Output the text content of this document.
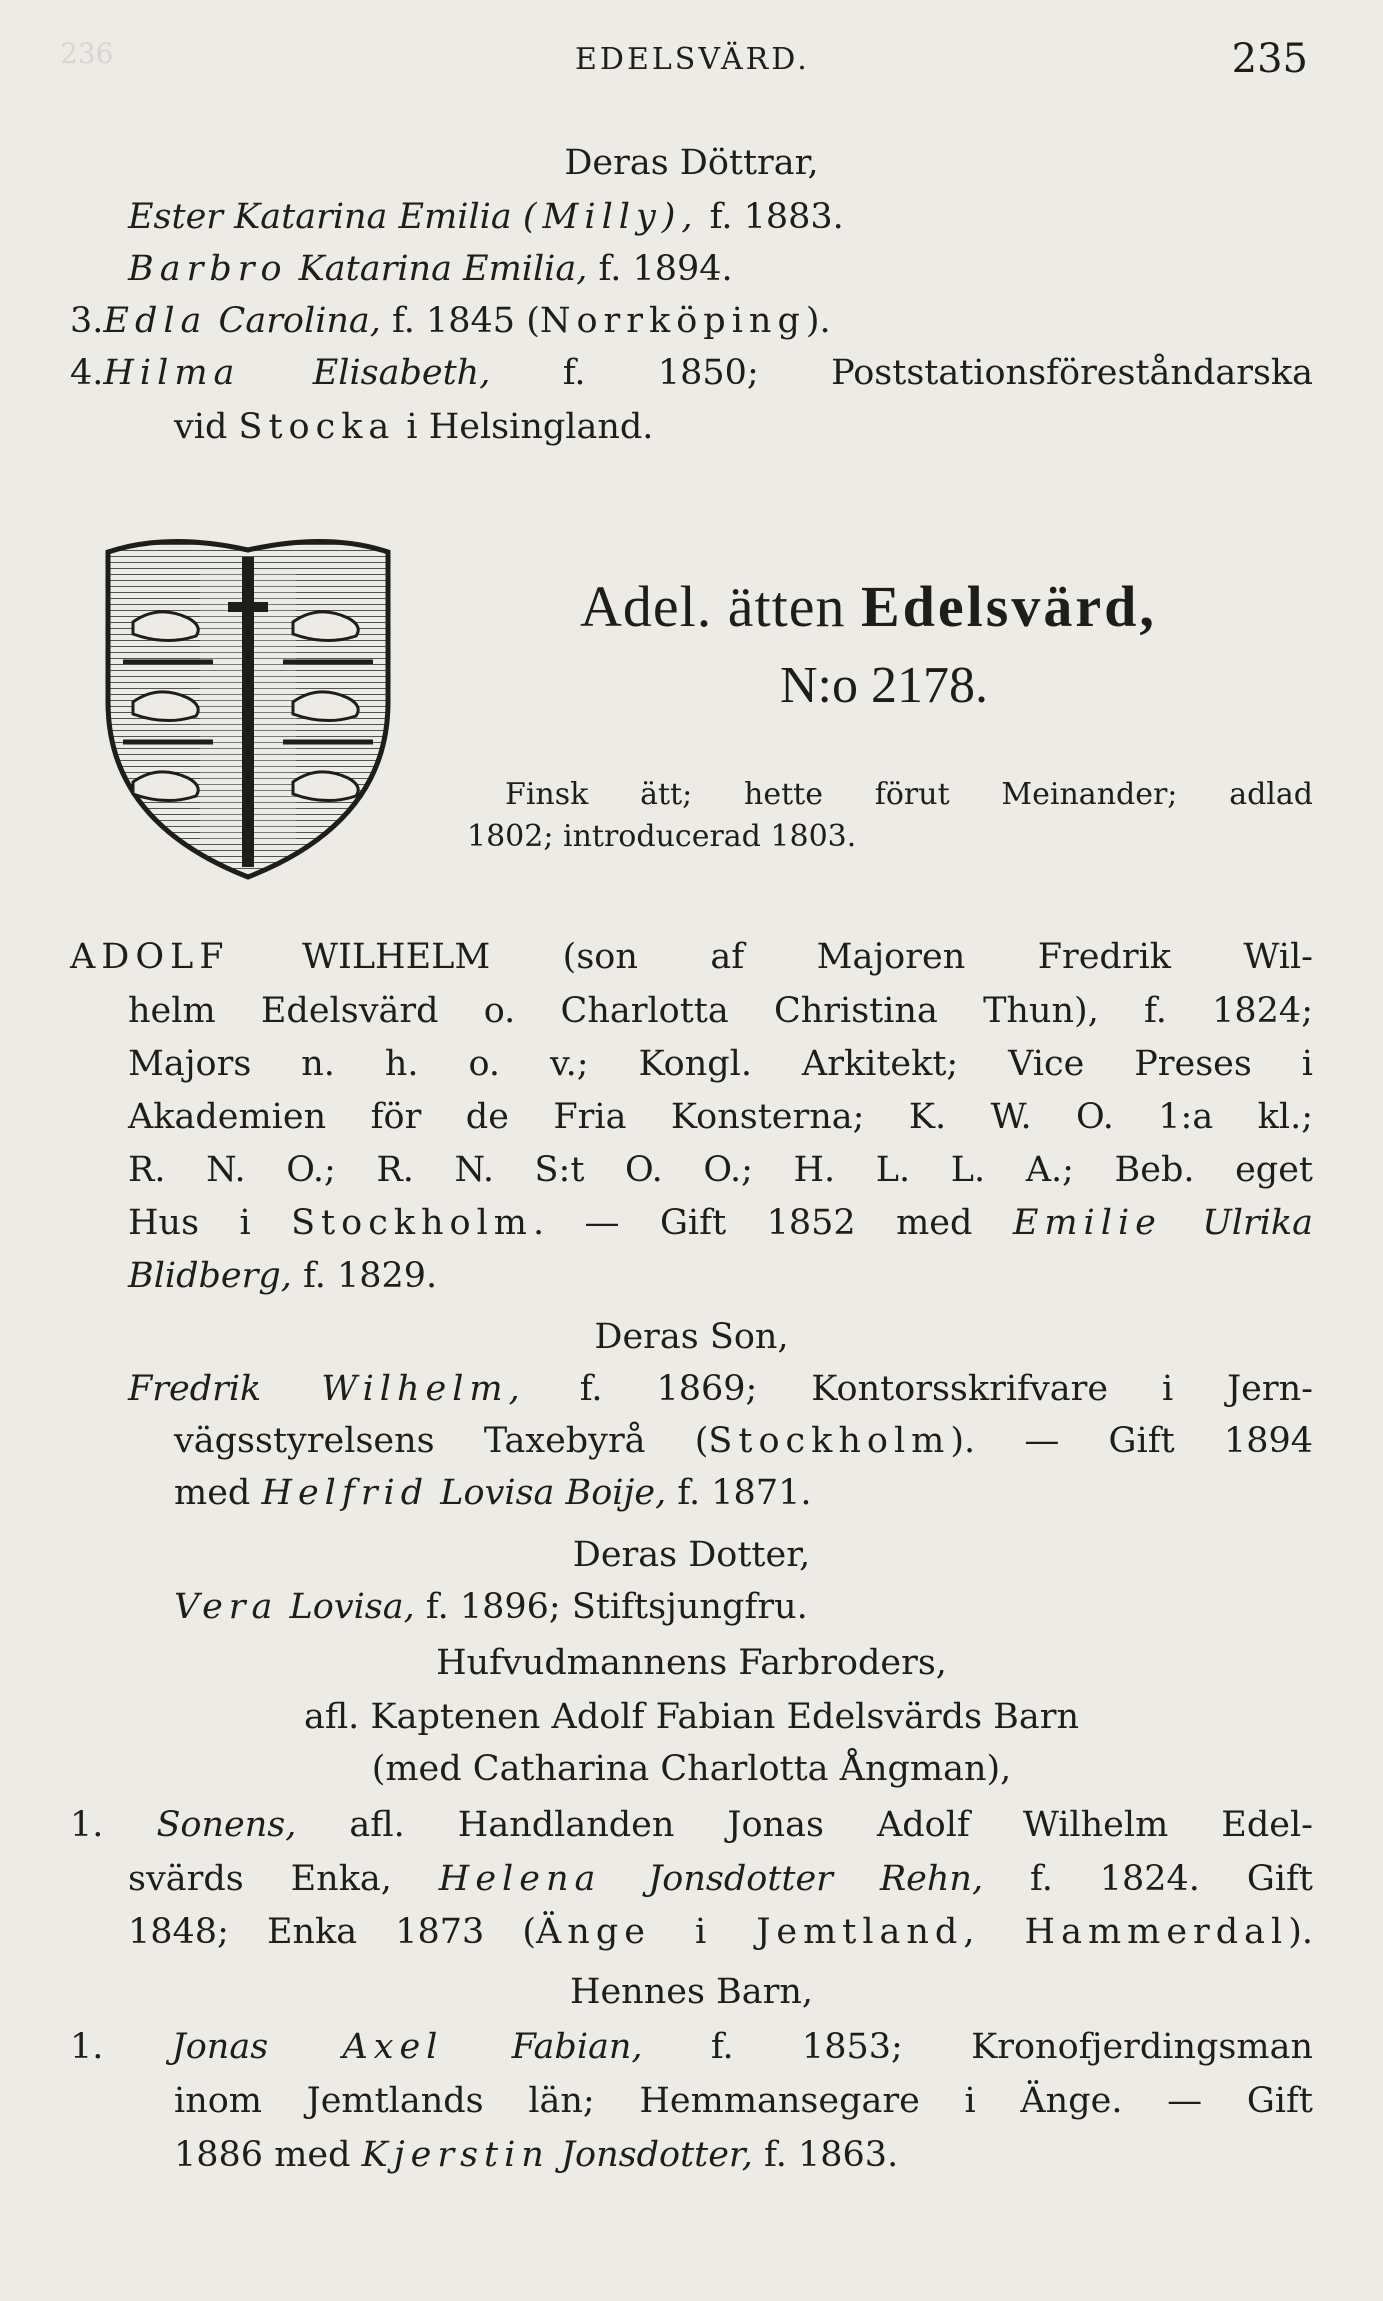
236	EDELSVÄRD.	235
Deras Döttrar,
Ester Katarina Emilia (Milly), f. 1883.
Barbro Katarina Emilia, f. 1894.
3.Edla Carolina, f. 1845 (Norrköping).
4.Hilma Elisabeth, f. 1850; Poststationsföreståndarska
vid Stocka i Helsingland.
Adel. ätten Edelsvärd,
N:o 2178.
Finsk ätt; hette förut Meinander; adlad
1802; introducerad 1803.
ADOLF WILHELM (son af Majoren Fredrik Wil-
helm Edelsvärd o. Charlotta Christina Thun), f. 1824;
Majors n. h. o. v.; Kongl. Arkitekt; Vice Preses i
Akademien för de Fria Konsterna; K. W. O. 1:a kl.;
R. N. O.; R. N. S:t O. O.; H. L. L. A.; Beb. eget
Hus i Stockholm. — Gift 1852 med Emilie Ulrika
Blidberg, f. 1829.
Deras Son,
Fredrik Wilhelm, f. 1869; Kontorsskrifvare i Jern-
vägsstyrelsens Taxebyrå (Stockholm). — Gift 1894
med Helfrid Lovisa Boije, f. 1871.
Deras Dotter,
Vera Lovisa, f. 1896; Stiftsjungfru.
Hufvudmannens Farbroders,
afl. Kaptenen Adolf Fabian Edelsvärds Barn
(med Catharina Charlotta Ångman),
1. Sonens, afl. Handlanden Jonas Adolf Wilhelm Edel-
svärds Enka, Helena Jonsdotter Rehn, f. 1824. Gift
1848; Enka 1873 (Änge i Jemtland, Hammerdal).
Hennes Barn,
1. Jonas Axel Fabian, f. 1853; Kronofjerdingsman
inom Jemtlands län; Hemmansegare i Änge. — Gift
1886 med Kjerstin Jonsdotter, f. 1863.
